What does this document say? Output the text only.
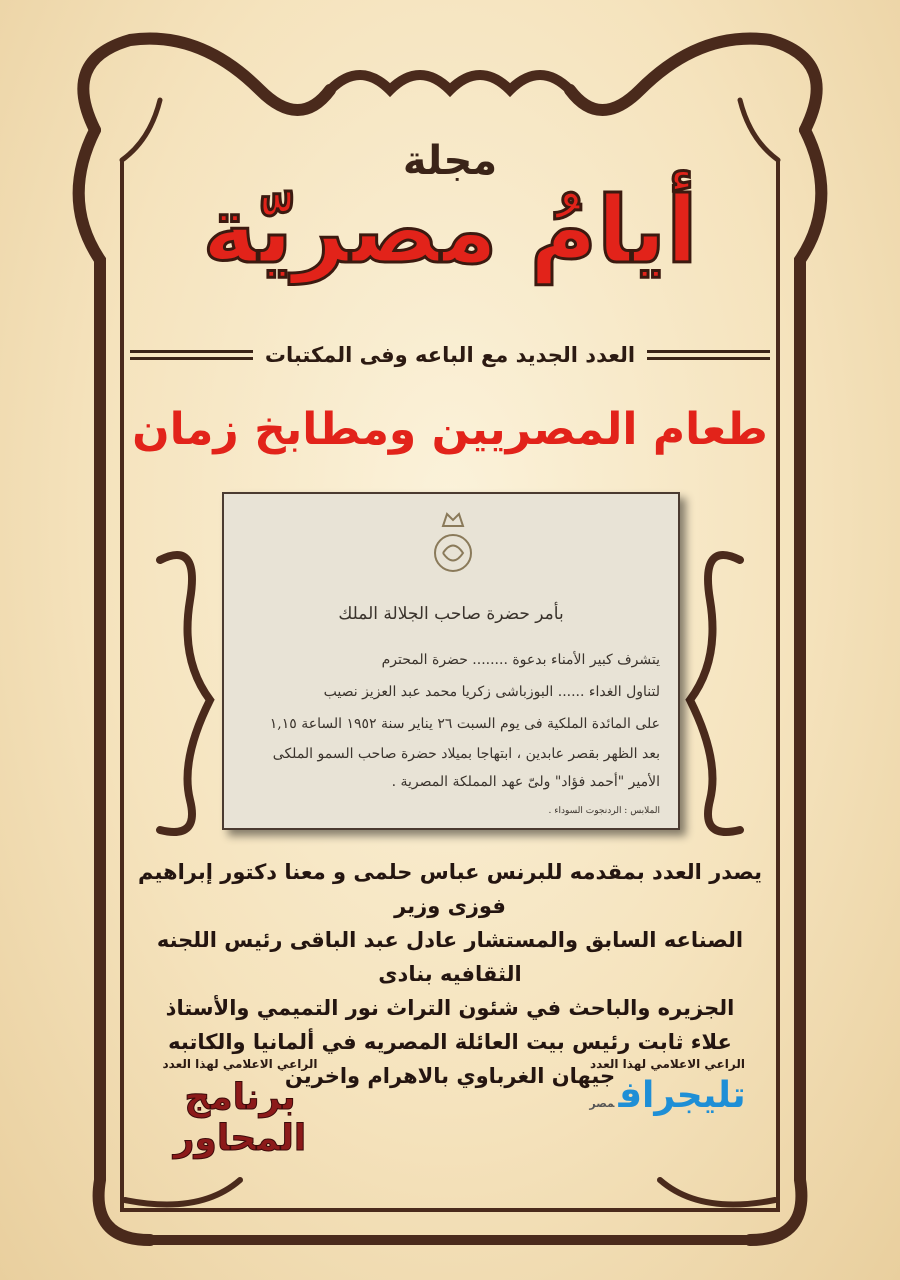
مجلة
أيامُ مصريّة
العدد الجديد مع الباعه وفى المكتبات
طعام المصريين ومطابخ زمان
بأمر حضرة صاحب الجلالة الملك
يتشرف كبير الأمناء بدعوة ........ حضرة المحترم
لتناول الغداء ...... البوزباشى زكريا محمد عبد العزيز نصيب
على المائدة الملكية فى يوم السبت ٢٦ يناير سنة ١٩٥٢ الساعة ١,١٥
بعد الظهر بقصر عابدين ، ابتهاجا بميلاد حضرة صاحب السمو الملكى
الأمير "أحمد فؤاد" ولىّ عهد المملكة المصرية .
الملابس : الردنجوت السوداء .
يصدر العدد بمقدمه للبرنس عباس حلمى و معنا دكتور إبراهيم فوزى وزير
الصناعه السابق والمستشار عادل عبد الباقى رئيس اللجنه الثقافيه بنادى
الجزيره والباحث في شئون التراث نور التميمي والأستاذ
علاء ثابت رئيس بيت العائلة المصريه في ألمانيا والكاتبه
جيهان الغرباوي بالاهرام واخرين
الراعي الاعلامي لهذا العدد
برنامج المحاور
الراعي الاعلامي لهذا العدد
تليجرافمصر
